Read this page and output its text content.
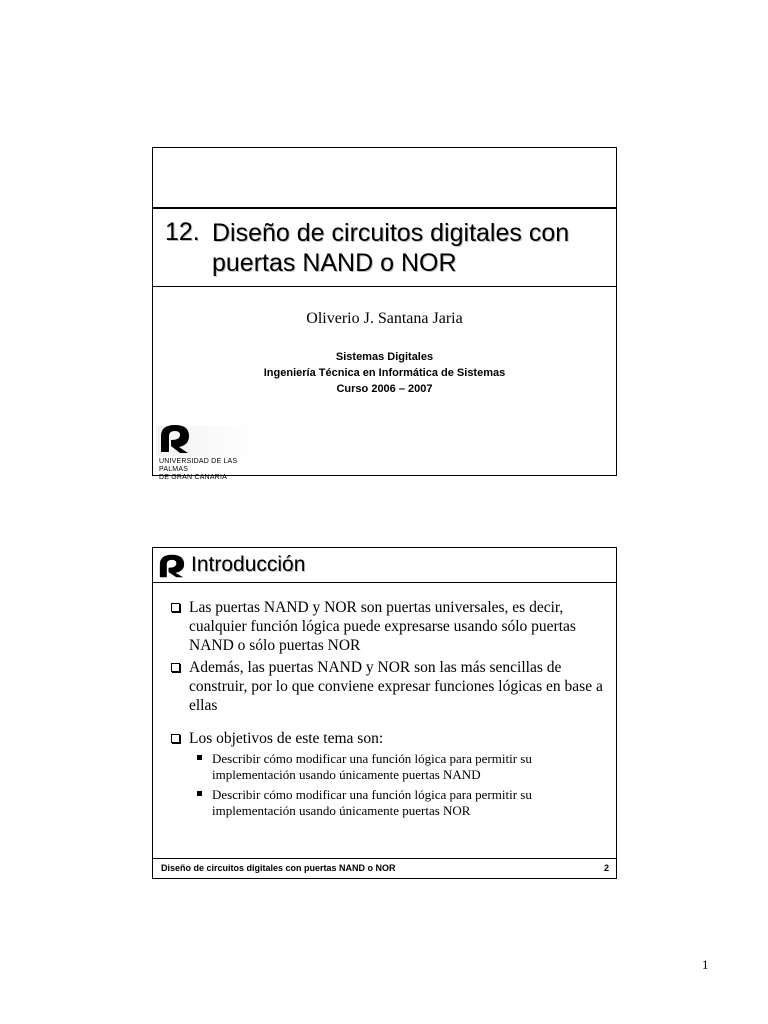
12. Diseño de circuitos digitales con
puertas NAND o NOR
Oliverio J. Santana Jaria
Sistemas Digitales
Ingeniería Técnica en Informática de Sistemas
Curso 2006 – 2007
UNIVERSIDAD DE LAS PALMAS
DE GRAN CANARIA
Introducción
Las puertas NAND y NOR son puertas universales, es decir, cualquier función lógica puede expresarse usando sólo puertas NAND o sólo puertas NOR
Además, las puertas NAND y NOR son las más sencillas de construir, por lo que conviene expresar funciones lógicas en base a ellas
Los objetivos de este tema son:
Describir cómo modificar una función lógica para permitir su implementación usando únicamente puertas NAND
Describir cómo modificar una función lógica para permitir su implementación usando únicamente puertas NOR
Diseño de circuitos digitales con puertas NAND o NOR	2
1
